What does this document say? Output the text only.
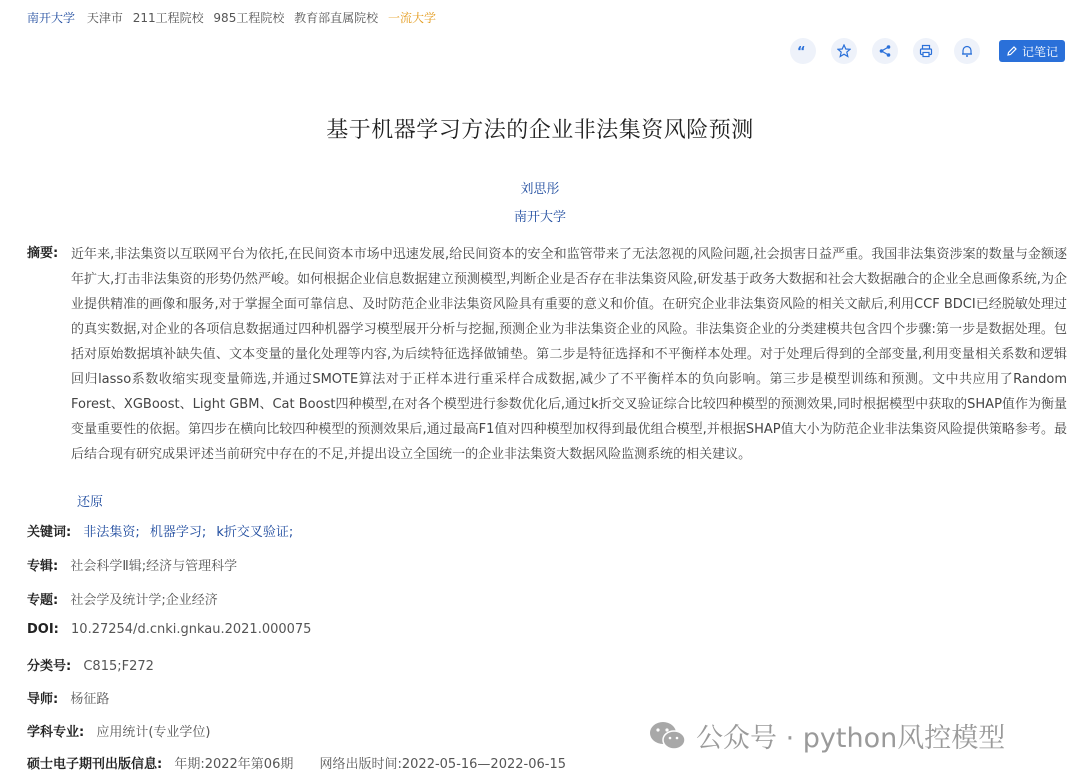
南开大学 天津市 211工程院校 985工程院校 教育部直属院校 一流大学
“	记笔记
基于机器学习方法的企业非法集资风险预测
刘思彤
南开大学
摘要: 近年来,非法集资以互联网平台为依托,在民间资本市场中迅速发展,给民间资本的安全和监管带来了无法忽视的风险问题,社会损害日益严重。我国非法集资涉案的数量与金额逐年扩大,打击非法集资的形势仍然严峻。如何根据企业信息数据建立预测模型,判断企业是否存在非法集资风险,研发基于政务大数据和社会大数据融合的企业全息画像系统,为企业提供精准的画像和服务,对于掌握全面可靠信息、及时防范企业非法集资风险具有重要的意义和价值。在研究企业非法集资风险的相关文献后,利用CCF BDCI已经脱敏处理过的真实数据,对企业的各项信息数据通过四种机器学习模型展开分析与挖掘,预测企业为非法集资企业的风险。非法集资企业的分类建模共包含四个步骤:第一步是数据处理。包括对原始数据填补缺失值、文本变量的量化处理等内容,为后续特征选择做铺垫。第二步是特征选择和不平衡样本处理。对于处理后得到的全部变量,利用变量相关系数和逻辑回归lasso系数收缩实现变量筛选,并通过SMOTE算法对于正样本进行重采样合成数据,减少了不平衡样本的负向影响。第三步是模型训练和预测。文中共应用了Random Forest、XGBoost、Light GBM、Cat Boost四种模型,在对各个模型进行参数优化后,通过k折交叉验证综合比较四种模型的预测效果,同时根据模型中获取的SHAP值作为衡量变量重要性的依据。第四步在横向比较四种模型的预测效果后,通过最高F1值对四种模型加权得到最优组合模型,并根据SHAP值大小为防范企业非法集资风险提供策略参考。最后结合现有研究成果评述当前研究中存在的不足,并提出设立全国统一的企业非法集资大数据风险监测系统的相关建议。
还原
关键词: 非法集资; 机器学习; k折交叉验证;
专辑: 社会科学Ⅱ辑;经济与管理科学
专题: 社会学及统计学;企业经济
DOI: 10.27254/d.cnki.gnkau.2021.000075
分类号: C815;F272
导师: 杨征路
学科专业: 应用统计(专业学位)
硕士电子期刊出版信息: 年期:2022年第06期 网络出版时间:2022-05-16—2022-06-15
公众号 · python风控模型
